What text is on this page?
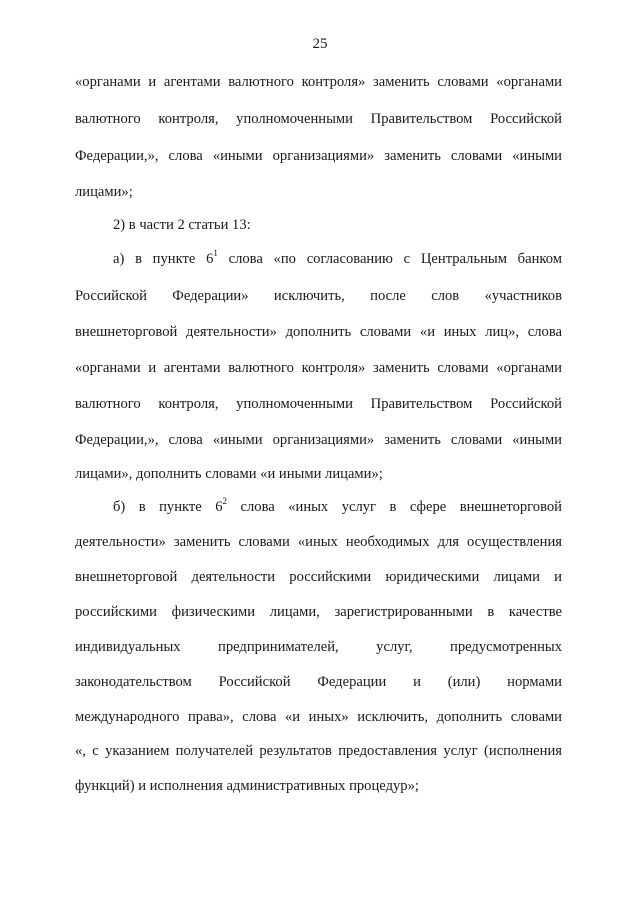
25
«органами и агентами валютного контроля» заменить словами «органами
валютного контроля, уполномоченными Правительством Российской
Федерации,», слова «иными организациями» заменить словами «иными
лицами»;
2) в части 2 статьи 13:
а) в пункте $6^1$ слова «по согласованию с Центральным банком
Российской Федерации» исключить, после слов «участников
внешнеторговой деятельности» дополнить словами «и иных лиц», слова
«органами и агентами валютного контроля» заменить словами «органами
валютного контроля, уполномоченными Правительством Российской
Федерации,», слова «иными организациями» заменить словами «иными
лицами», дополнить словами «и иными лицами»;
б) в пункте $6^2$ слова «иных услуг в сфере внешнеторговой
деятельности» заменить словами «иных необходимых для осуществления
внешнеторговой деятельности российскими юридическими лицами и
российскими физическими лицами, зарегистрированными в качестве
индивидуальных предпринимателей, услуг, предусмотренных
законодательством Российской Федерации и (или) нормами
международного права», слова «и иных» исключить, дополнить словами
«, с указанием получателей результатов предоставления услуг (исполнения
функций) и исполнения административных процедур»;
